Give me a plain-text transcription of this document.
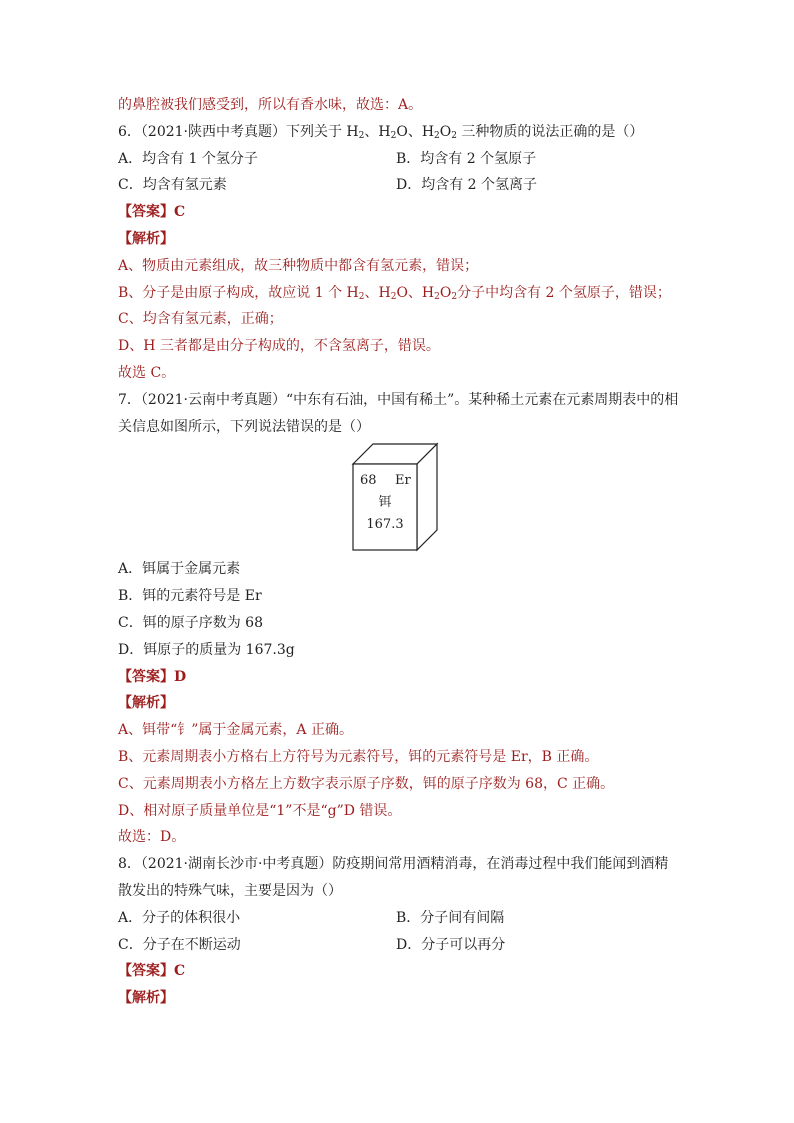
的鼻腔被我们感受到，所以有香水味，故选：A。
6．（2021·陕西中考真题）下列关于 $H_2$、$H_2O$、$H_2O_2$ 三种物质的说法正确的是（）
A．均含有 1 个氢分子	B．均含有 2 个氢原子
C．均含有氢元素	D．均含有 2 个氢离子
【答案】C
【解析】
A、物质由元素组成，故三种物质中都含有氢元素，错误；
B、分子是由原子构成，故应说 1 个 $H_2$、$H_2O$、$H_2O_2$分子中均含有 2 个氢原子，错误；
C、均含有氢元素，正确；
D、H 三者都是由分子构成的，不含氢离子，错误。
故选 C。
7．（2021·云南中考真题）“中东有石油，中国有稀土”。某种稀土元素在元素周期表中的相
关信息如图所示，下列说法错误的是（）
68 Er
铒
167.3
A．铒属于金属元素
B．铒的元素符号是 Er
C．铒的原子序数为 68
D．铒原子的质量为 167.3g
【答案】D
【解析】
A、铒带“钅”属于金属元素，A 正确。
B、元素周期表小方格右上方符号为元素符号，铒的元素符号是 Er，B 正确。
C、元素周期表小方格左上方数字表示原子序数，铒的原子序数为 68，C 正确。
D、相对原子质量单位是“1”不是“g”D 错误。
故选：D。
8．（2021·湖南长沙市·中考真题）防疫期间常用酒精消毒，在消毒过程中我们能闻到酒精
散发出的特殊气味，主要是因为（）
A．分子的体积很小	B．分子间有间隔
C．分子在不断运动	D．分子可以再分
【答案】C
【解析】
